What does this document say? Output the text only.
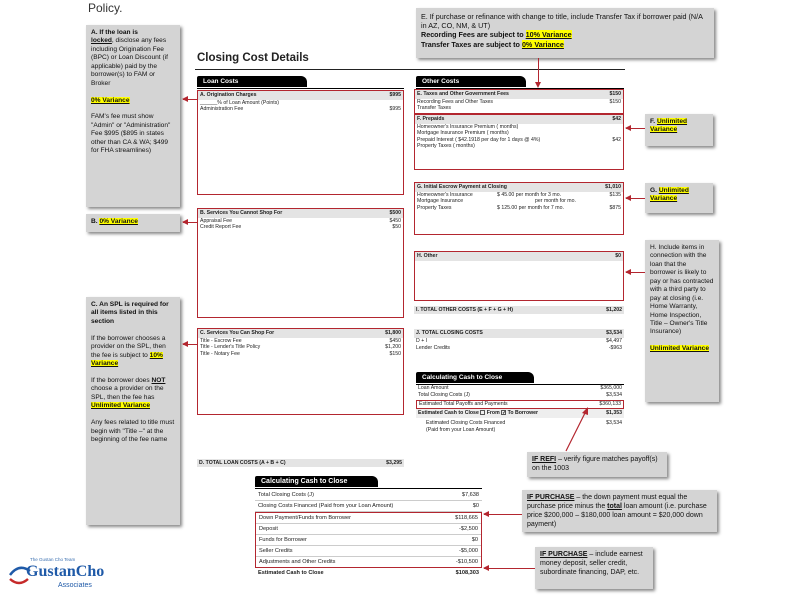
Policy.
Closing Cost Details
A. If the loan is
locked, disclose any fees including Origination Fee (BPC) or Loan Discount (if applicable) paid by the borrower(s) to FAM or Broker

0% Variance

FAM's fee must show "Admin" or "Administration" Fee $995 ($895 in states other than CA & WA; $499 for FHA streamlines)
B. 0% Variance
C. An SPL is required for all items listed in this section

If the borrower chooses a provider on the SPL, then the fee is subject to 10% Variance

If the borrower does NOT choose a provider on the SPL, then the fee has Unlimited Variance

Any fees related to title must begin with "Title –" at the beginning of the fee name
E. If purchase or refinance with change to title, include Transfer Tax if borrower paid (N/A in AZ, CO, NM, & UT)
Recording Fees are subject to 10% Variance
Transfer Taxes are subject to 0% Variance
F. Unlimited Variance
G. Unlimited Variance
H. Include items in connection with the loan that the borrower is likely to pay or has contracted with a third party to pay at closing (i.e. Home Warranty, Home Inspection, Title – Owner's Title Insurance)

Unlimited Variance
IF REFI – verify figure matches payoff(s) on the 1003
IF PURCHASE – the down payment must equal the purchase price minus the total loan amount (i.e. purchase price $200,000 – $180,000 loan amount = $20,000 down payment)
IF PURCHASE – include earnest money deposit, seller credit, subordinate financing, DAP, etc.
Loan Costs
A. Origination Charges	$995
______% of Loan Amount (Points)
Administration Fee	$995
B. Services You Cannot Shop For	$500
Appraisal Fee	$450
Credit Report Fee	$50
C. Services You Can Shop For	$1,800
Title - Escrow Fee	$450
Title - Lender's Title Policy	$1,200
Title - Notary Fee	$150
D. TOTAL LOAN COSTS (A + B + C)	$3,295
Other Costs
E. Taxes and Other Government Fees	$150
Recording Fees and Other Taxes	$150
Transfer Taxes
F. Prepaids	$42
Homeowner's Insurance Premium ( months)
Mortgage Insurance Premium ( months)
Prepaid Interest ( $42.1918 per day for 1 days @ 4%)	$42
Property Taxes ( months)
G. Initial Escrow Payment at Closing	$1,010
Homeowner's Insurance	$ 45.00 per month for 3 mo.	$135
Mortgage Insurance	per month for mo.
Property Taxes	$ 125.00 per month for 7 mo.	$875
H. Other	$0
I. TOTAL OTHER COSTS (E + F + G + H)	$1,202
J. TOTAL CLOSING COSTS	$3,534
D + I	$4,497
Lender Credits	-$963
Calculating Cash to Close
Loan Amount	$365,000
Total Closing Costs (J)	$3,534
Estimated Total Payoffs and Payments	$360,133
Estimated Cash to Close From ✓ To Borrower	$1,353
Estimated Closing Costs Financed	$3,534
(Paid from your Loan Amount)
Calculating Cash to Close
Total Closing Costs (J)	$7,638
Closing Costs Financed (Paid from your Loan Amount)	$0
Down Payment/Funds from Borrower	$118,665
Deposit	-$2,500
Funds for Borrower	$0
Seller Credits	-$5,000
Adjustments and Other Credits	-$10,500
Estimated Cash to Close	$108,303
The Gustan Cho Team
GustanCho
Associates
